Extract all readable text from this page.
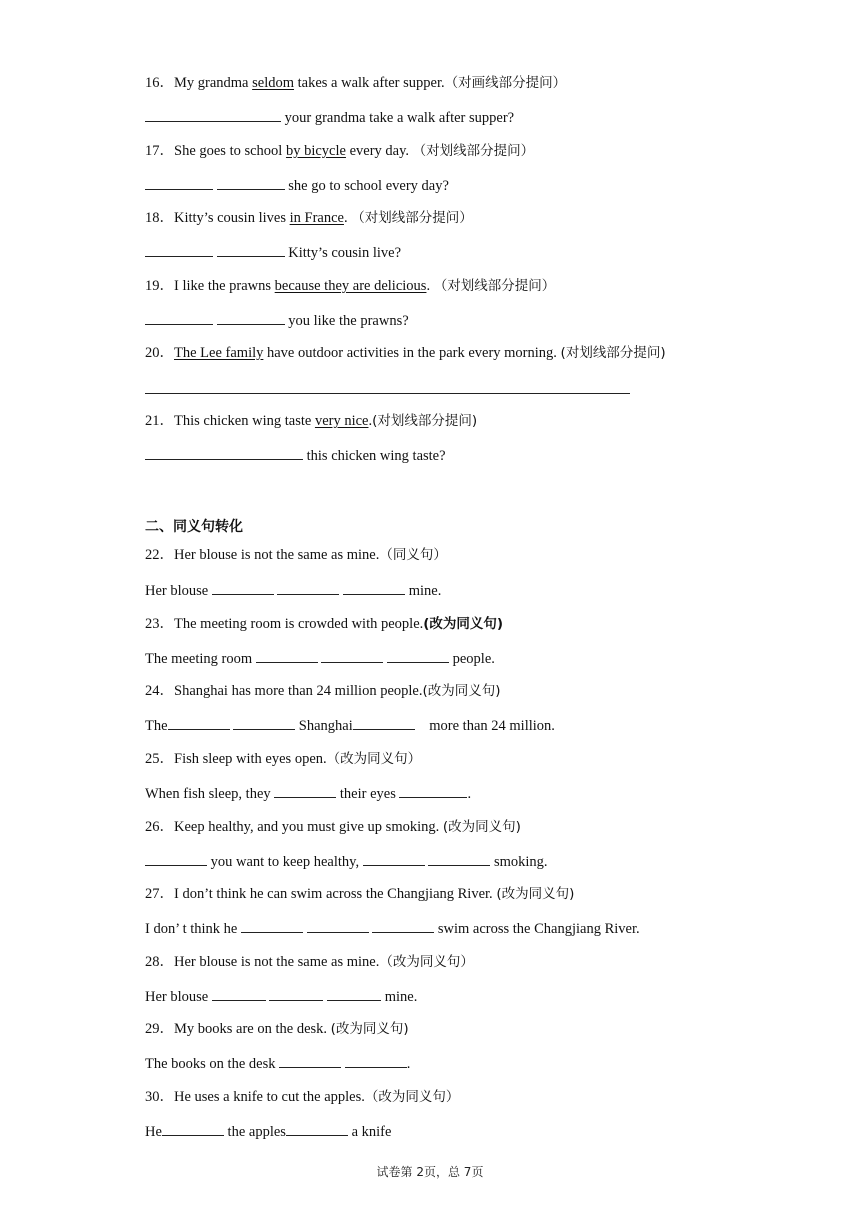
16．My grandma seldom takes a walk after supper.（对画线部分提问）
your grandma take a walk after supper?
17．She goes to school by bicycle every day. （对划线部分提问）
she go to school every day?
18．Kitty’s cousin lives in France. （对划线部分提问）
Kitty’s cousin live?
19．I like the prawns because they are delicious. （对划线部分提问）
you like the prawns?
20．The Lee family have outdoor activities in the park every morning. (对划线部分提问)
21．This chicken wing taste very nice.(对划线部分提问)
this chicken wing taste?
二、同义句转化
22．Her blouse is not the same as mine.（同义句）
Her blouse	mine.
23．The meeting room is crowded with people.(改为同义句)
The meeting room	people.
24．Shanghai has more than 24 million people.(改为同义句)
The	Shanghai	more than 24 million.
25．Fish sleep with eyes open.（改为同义句）
When fish sleep, they	their eyes	.
26．Keep healthy, and you must give up smoking. (改为同义句)
you want to keep healthy,	smoking.
27．I don’t think he can swim across the Changjiang River. (改为同义句)
I don’ t think he	swim across the Changjiang River.
28．Her blouse is not the same as mine.（改为同义句）
Her blouse	mine.
29．My books are on the desk. (改为同义句)
The books on the desk	.
30．He uses a knife to cut the apples.（改为同义句）
He	the apples	a knife
试卷第 2页，总 7页
